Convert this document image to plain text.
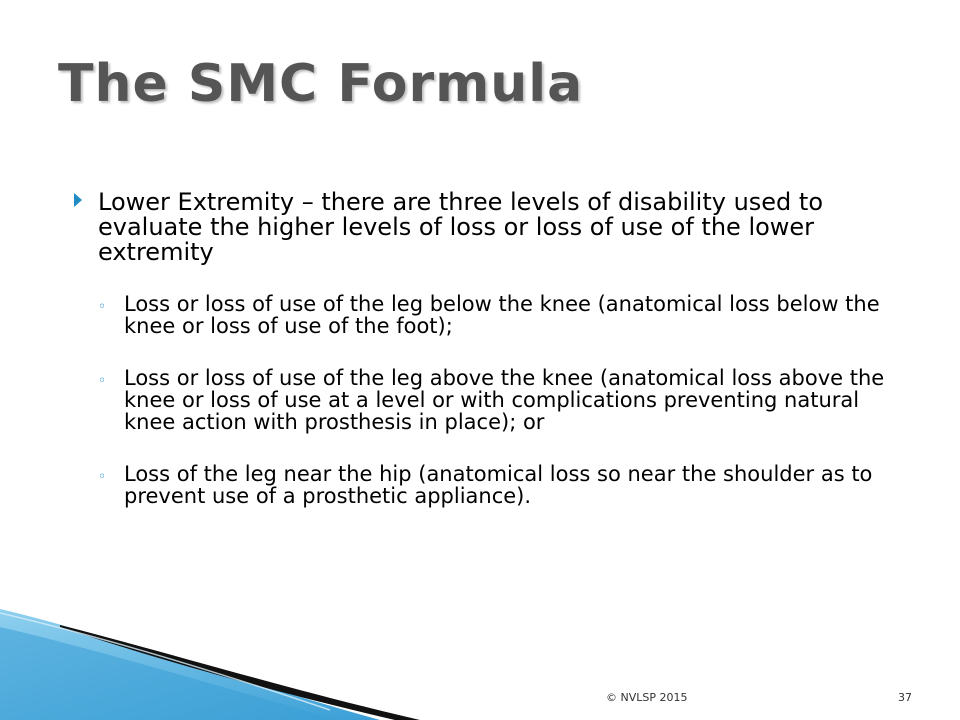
The SMC Formula
Lower Extremity – there are three levels of disability used to evaluate the higher levels of loss or loss of use of the lower extremity
◦ Loss or loss of use of the leg below the knee (anatomical loss below the knee or loss of use of the foot);
◦ Loss or loss of use of the leg above the knee (anatomical loss above the knee or loss of use at a level or with complications preventing natural knee action with prosthesis in place); or
◦ Loss of the leg near the hip (anatomical loss so near the shoulder as to prevent use of a prosthetic appliance).
© NVLSP 2015	37
